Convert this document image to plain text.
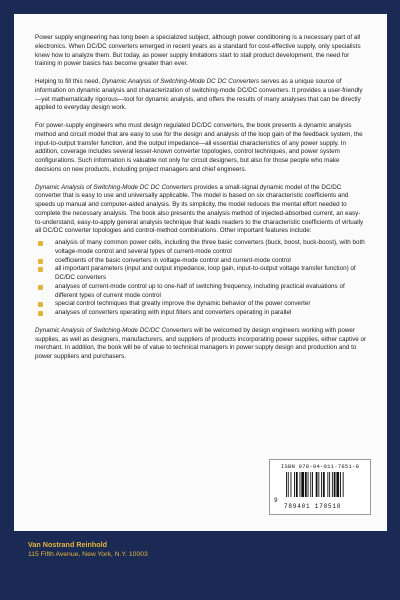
Power supply engineering has long been a specialized subject, although power conditioning is a necessary part of all electronics. When DC/DC converters emerged in recent years as a standard for cost-effective supply, only specialists knew how to analyze them. But today, as power supply limitations start to stall product development, the need for training in power basics has become greater than ever.

Helping to fill this need, Dynamic Analysis of Switching-Mode DC DC Converters serves as a unique source of information on dynamic analysis and characterization of switching-mode DC/DC converters. It provides a user-friendly—yet mathematically rigorous—tool for dynamic analysis, and offers the results of many analyses that can be directly applied to everyday design work.

For power-supply engineers who must design regulated DC/DC converters, the book presents a dynamic analysis method and circuit model that are easy to use for the design and analysis of the loop gain of the feedback system, the input-to-output transfer function, and the output impedance—all essential characteristics of any power supply. In addition, coverage includes several lesser-known converter topologies, control techniques, and power system configurations. Such information is valuable not only for circuit designers, but also for those people who make decisions on new products, including project managers and chief engineers.

Dynamic Analysis of Switching-Mode DC DC Converters provides a small-signal dynamic model of the DC/DC converter that is easy to use and universally applicable. The model is based on six characteristic coefficients and speeds up manual and computer-aided analysis. By its simplicity, the model reduces the mental effort needed to complete the necessary analysis. The book also presents the analysis method of injected-absorbed current, an easy-to-understand, easy-to-apply general analysis technique that leads readers to the characteristic coefficients of virtually all DC/DC converter topologies and control-method combinations. Other important features include:

analysis of many common power cells, including the three basic converters (buck, boost, buck-boost), with both voltage-mode control and several types of current-mode control
coefficients of the basic converters in voltage-mode control and current-mode control
all important parameters (input and output impedance, loop gain, input-to-output voltage transfer function) of DC/DC converters
analyses of current-mode control up to one-half of switching frequency, including practical evaluations of different types of current mode control
special control techniques that greatly improve the dynamic behavior of the power converter
analyses of converters operating with input filters and converters operating in parallel

Dynamic Analysis of Switching-Mode DC/DC Converters will be welcomed by design engineers working with power supplies, as well as designers, manufacturers, and suppliers of products incorporating power supplies, either captive or merchant. In addition, the book will be of value to technical managers in power supply design and production and to power suppliers and purchasers.

ISBN 978-94-011-7851-8
9
789401 178518
Van Nostrand Reinhold
115 Fifth Avenue, New York, N.Y. 10003
